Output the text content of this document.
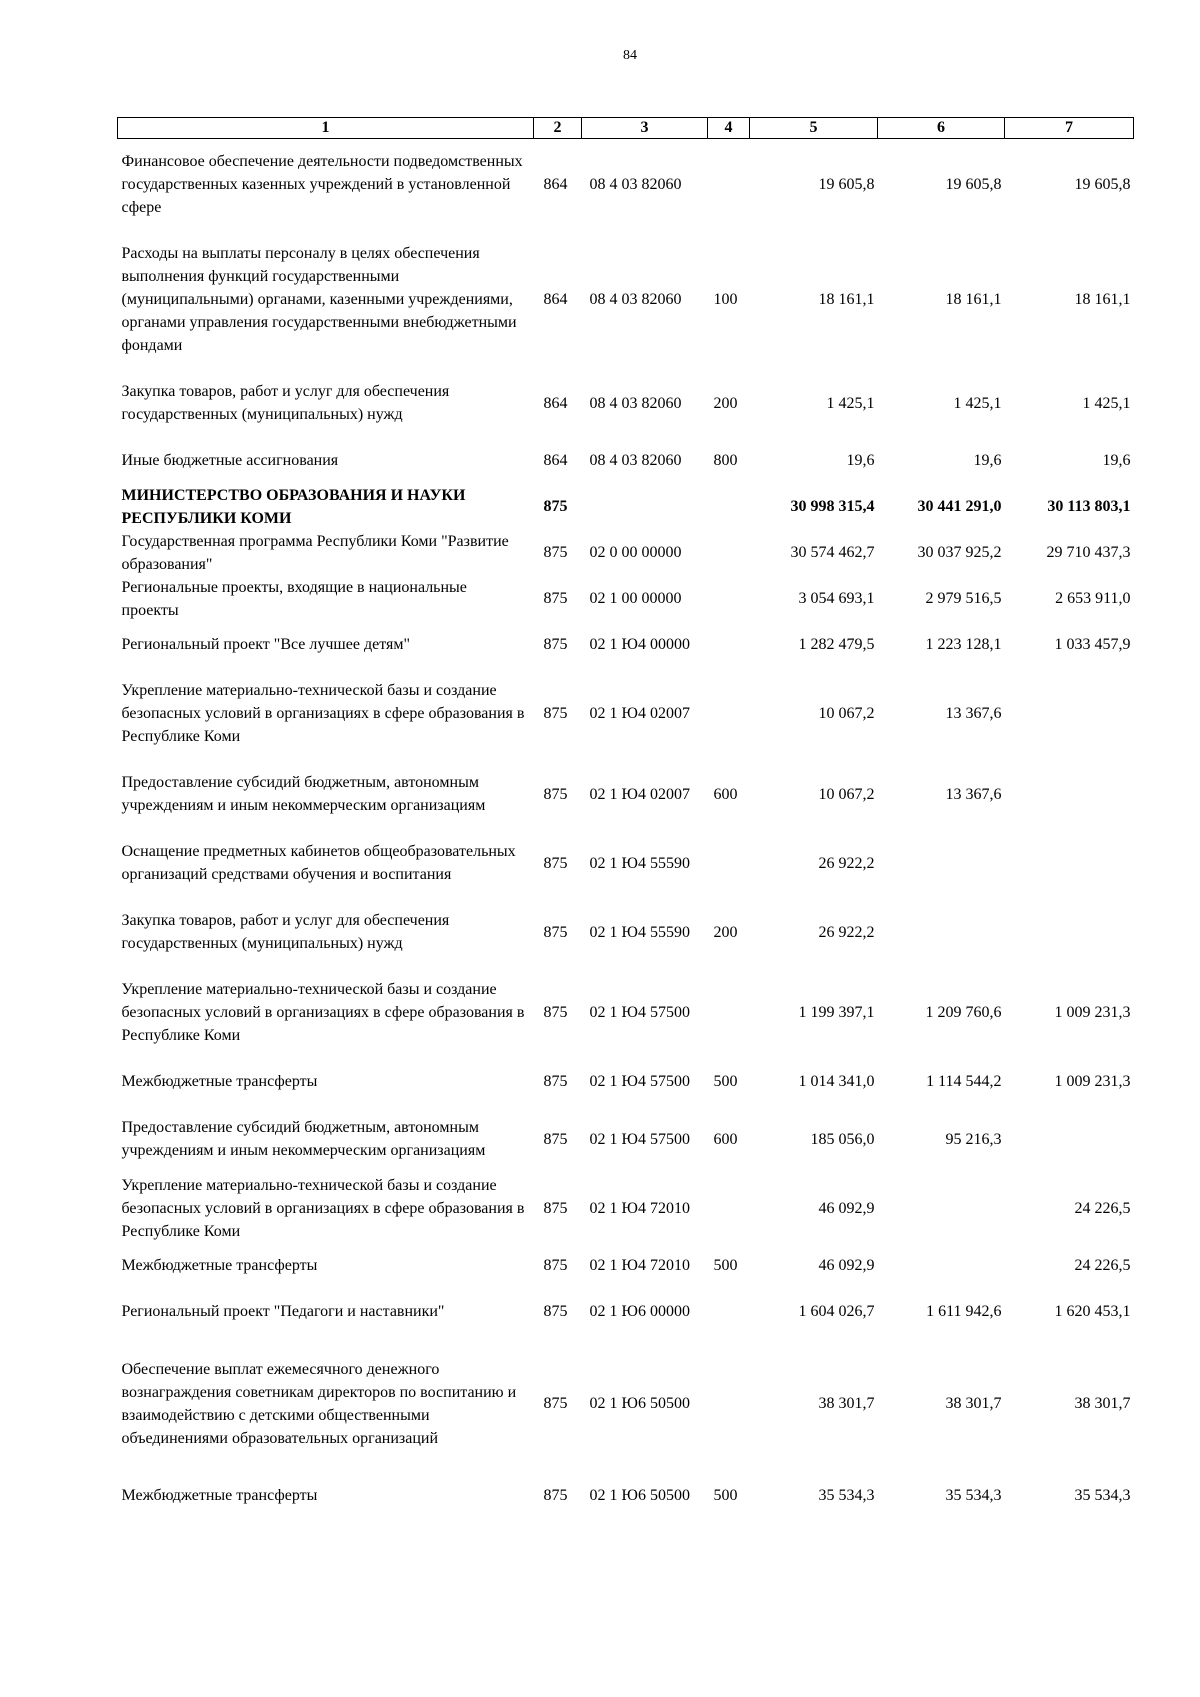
84
1	2	3	4	5	6	7
Финансовое обеспечение деятельности подведомственных государственных казенных учреждений в установленной сфере	864	08 4 03 82060		19 605,8	19 605,8	19 605,8
Расходы на выплаты персоналу в целях обеспечения выполнения функций государственными (муниципальными) органами, казенными учреждениями, органами управления государственными внебюджетными фондами	864	08 4 03 82060	100	18 161,1	18 161,1	18 161,1
Закупка товаров, работ и услуг для обеспечения государственных (муниципальных) нужд	864	08 4 03 82060	200	1 425,1	1 425,1	1 425,1
Иные бюджетные ассигнования	864	08 4 03 82060	800	19,6	19,6	19,6
МИНИСТЕРСТВО ОБРАЗОВАНИЯ И НАУКИ РЕСПУБЛИКИ КОМИ	875			30 998 315,4	30 441 291,0	30 113 803,1
Государственная программа Республики Коми "Развитие образования"	875	02 0 00 00000		30 574 462,7	30 037 925,2	29 710 437,3
Региональные проекты, входящие в национальные проекты	875	02 1 00 00000		3 054 693,1	2 979 516,5	2 653 911,0
Региональный проект "Все лучшее детям"	875	02 1 Ю4 00000		1 282 479,5	1 223 128,1	1 033 457,9
Укрепление материально-технической базы и создание безопасных условий в организациях в сфере образования в Республике Коми	875	02 1 Ю4 02007		10 067,2	13 367,6	
Предоставление субсидий бюджетным, автономным учреждениям и иным некоммерческим организациям	875	02 1 Ю4 02007	600	10 067,2	13 367,6	
Оснащение предметных кабинетов общеобразовательных организаций средствами обучения и воспитания	875	02 1 Ю4 55590		26 922,2		
Закупка товаров, работ и услуг для обеспечения государственных (муниципальных) нужд	875	02 1 Ю4 55590	200	26 922,2		
Укрепление материально-технической базы и создание безопасных условий в организациях в сфере образования в Республике Коми	875	02 1 Ю4 57500		1 199 397,1	1 209 760,6	1 009 231,3
Межбюджетные трансферты	875	02 1 Ю4 57500	500	1 014 341,0	1 114 544,2	1 009 231,3
Предоставление субсидий бюджетным, автономным учреждениям и иным некоммерческим организациям	875	02 1 Ю4 57500	600	185 056,0	95 216,3	
Укрепление материально-технической базы и создание безопасных условий в организациях в сфере образования в Республике Коми	875	02 1 Ю4 72010		46 092,9		24 226,5
Межбюджетные трансферты	875	02 1 Ю4 72010	500	46 092,9		24 226,5
Региональный проект "Педагоги и наставники"	875	02 1 Ю6 00000		1 604 026,7	1 611 942,6	1 620 453,1
Обеспечение выплат ежемесячного денежного вознаграждения советникам директоров по воспитанию и взаимодействию с детскими общественными объединениями образовательных организаций	875	02 1 Ю6 50500		38 301,7	38 301,7	38 301,7
Межбюджетные трансферты	875	02 1 Ю6 50500	500	35 534,3	35 534,3	35 534,3
